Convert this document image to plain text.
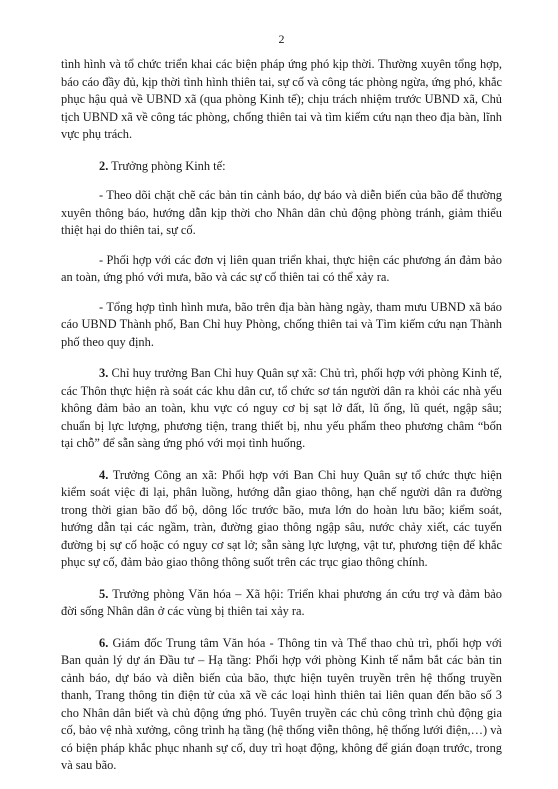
2

tình hình và tổ chức triển khai các biện pháp ứng phó kịp thời. Thường xuyên tổng hợp, báo cáo đầy đủ, kịp thời tình hình thiên tai, sự cố và công tác phòng ngừa, ứng phó, khắc phục hậu quả về UBND xã (qua phòng Kinh tế); chịu trách nhiệm trước UBND xã, Chủ tịch UBND xã về công tác phòng, chống thiên tai và tìm kiếm cứu nạn theo địa bàn, lĩnh vực phụ trách.

2. Trưởng phòng Kinh tế:

- Theo dõi chặt chẽ các bản tin cảnh báo, dự báo và diễn biến của bão để thường xuyên thông báo, hướng dẫn kịp thời cho Nhân dân chủ động phòng tránh, giảm thiểu thiệt hại do thiên tai, sự cố.

- Phối hợp với các đơn vị liên quan triển khai, thực hiện các phương án đảm bảo an toàn, ứng phó với mưa, bão và các sự cố thiên tai có thể xảy ra.

- Tổng hợp tình hình mưa, bão trên địa bàn hàng ngày, tham mưu UBND xã báo cáo UBND Thành phố, Ban Chỉ huy Phòng, chống thiên tai và Tìm kiếm cứu nạn Thành phố theo quy định.

3. Chỉ huy trưởng Ban Chỉ huy Quân sự xã: Chủ trì, phối hợp với phòng Kinh tế, các Thôn thực hiện rà soát các khu dân cư, tổ chức sơ tán người dân ra khỏi các nhà yếu không đảm bảo an toàn, khu vực có nguy cơ bị sạt lở đất, lũ ống, lũ quét, ngập sâu; chuẩn bị lực lượng, phương tiện, trang thiết bị, nhu yếu phẩm theo phương châm “bốn tại chỗ” để sẵn sàng ứng phó với mọi tình huống.

4. Trưởng Công an xã: Phối hợp với Ban Chỉ huy Quân sự tổ chức thực hiện kiểm soát việc đi lại, phân luồng, hướng dẫn giao thông, hạn chế người dân ra đường trong thời gian bão đổ bộ, dông lốc trước bão, mưa lớn do hoàn lưu bão; kiểm soát, hướng dẫn tại các ngầm, tràn, đường giao thông ngập sâu, nước chảy xiết, các tuyến đường bị sự cố hoặc có nguy cơ sạt lở; sẵn sàng lực lượng, vật tư, phương tiện để khắc phục sự cố, đảm bảo giao thông thông suốt trên các trục giao thông chính.

5. Trưởng phòng Văn hóa – Xã hội: Triển khai phương án cứu trợ và đảm bảo đời sống Nhân dân ở các vùng bị thiên tai xảy ra.

6. Giám đốc Trung tâm Văn hóa - Thông tin và Thể thao chủ trì, phối hợp với Ban quản lý dự án Đầu tư – Hạ tầng: Phối hợp với phòng Kinh tế nắm bắt các bản tin cảnh báo, dự báo và diễn biến của bão, thực hiện tuyên truyền trên hệ thống truyền thanh, Trang thông tin điện tử của xã về các loại hình thiên tai liên quan đến bão số 3 cho Nhân dân biết và chủ động ứng phó. Tuyên truyền các chủ công trình chủ động gia cố, bảo vệ nhà xưởng, công trình hạ tầng (hệ thống viễn thông, hệ thống lưới điện,…) và có biện pháp khắc phục nhanh sự cố, duy trì hoạt động, không để gián đoạn trước, trong và sau bão.
